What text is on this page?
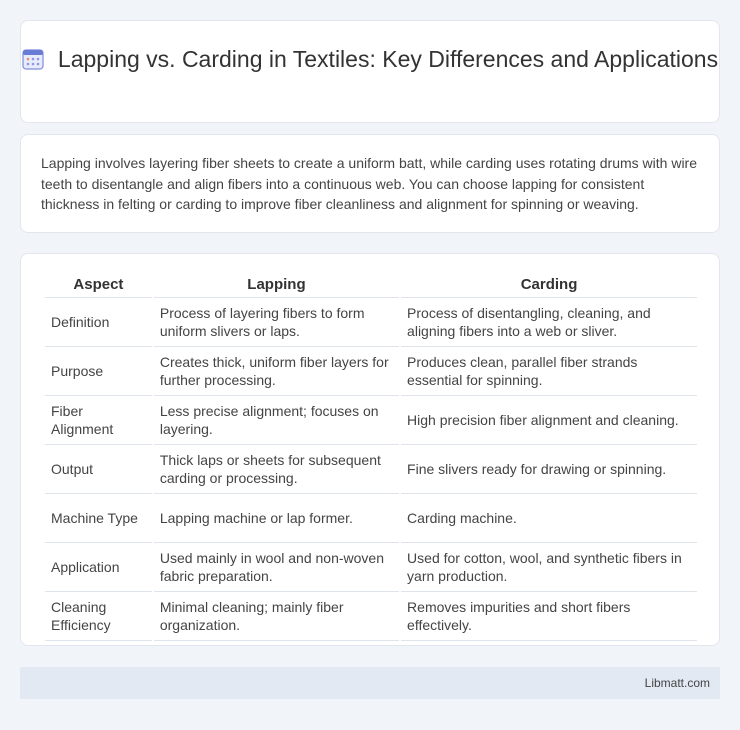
Lapping vs. Carding in Textiles: Key Differences and Applications

Lapping involves layering fiber sheets to create a uniform batt, while carding uses rotating drums with wire teeth to disentangle and align fibers into a continuous web. You can choose lapping for consistent thickness in felting or carding to improve fiber cleanliness and alignment for spinning or weaving.

Aspect	Lapping	Carding
Definition	Process of layering fibers to form uniform slivers or laps.	Process of disentangling, cleaning, and aligning fibers into a web or sliver.
Purpose	Creates thick, uniform fiber layers for further processing.	Produces clean, parallel fiber strands essential for spinning.
Fiber Alignment	Less precise alignment; focuses on layering.	High precision fiber alignment and cleaning.
Output	Thick laps or sheets for subsequent carding or processing.	Fine slivers ready for drawing or spinning.
Machine Type	Lapping machine or lap former.	Carding machine.
Application	Used mainly in wool and non-woven fabric preparation.	Used for cotton, wool, and synthetic fibers in yarn production.
Cleaning Efficiency	Minimal cleaning; mainly fiber organization.	Removes impurities and short fibers effectively.
Libmatt.com
